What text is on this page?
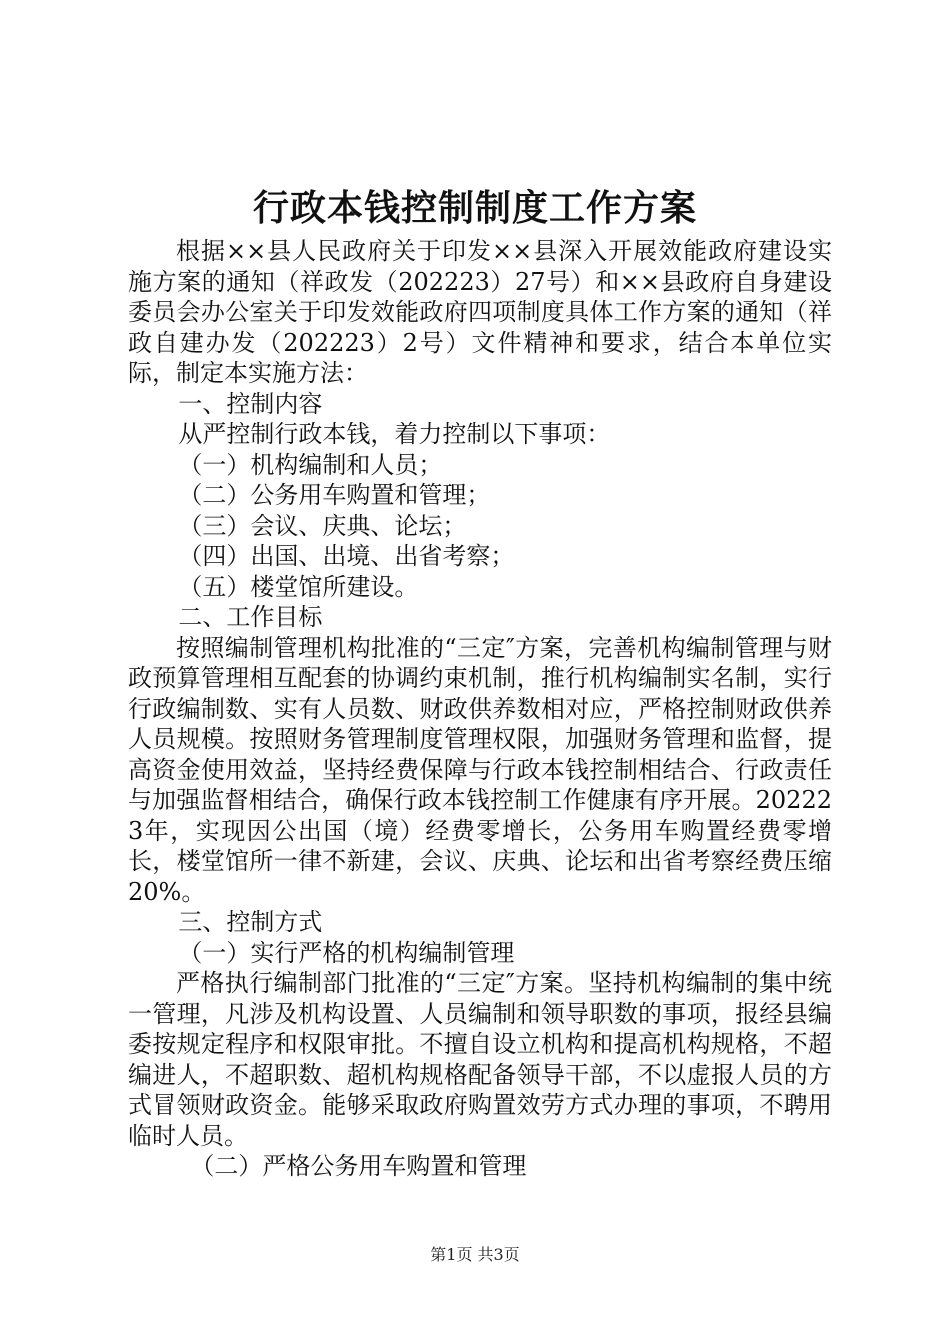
行政本钱控制制度工作方案

根据××县人民政府关于印发××县深入开展效能政府建设实施方案的通知（祥政发（202223）27号）和××县政府自身建设委员会办公室关于印发效能政府四项制度具体工作方案的通知（祥政自建办发（202223）2号）文件精神和要求，结合本单位实际，制定本实施方法：

一、控制内容

从严控制行政本钱，着力控制以下事项：

（一）机构编制和人员；

（二）公务用车购置和管理；

（三）会议、庆典、论坛；

（四）出国、出境、出省考察；

（五）楼堂馆所建设。

二、工作目标

按照编制管理机构批准的“三定″方案，完善机构编制管理与财政预算管理相互配套的协调约束机制，推行机构编制实名制，实行行政编制数、实有人员数、财政供养数相对应，严格控制财政供养人员规模。按照财务管理制度管理权限，加强财务管理和监督，提高资金使用效益，坚持经费保障与行政本钱控制相结合、行政责任与加强监督相结合，确保行政本钱控制工作健康有序开展。202223年，实现因公出国（境）经费零增长，公务用车购置经费零增长，楼堂馆所一律不新建，会议、庆典、论坛和出省考察经费压缩20%。

三、控制方式

（一）实行严格的机构编制管理

严格执行编制部门批准的“三定″方案。坚持机构编制的集中统一管理，凡涉及机构设置、人员编制和领导职数的事项，报经县编委按规定程序和权限审批。不擅自设立机构和提高机构规格，不超编进人，不超职数、超机构规格配备领导干部，不以虚报人员的方式冒领财政资金。能够采取政府购置效劳方式办理的事项，不聘用临时人员。

（二）严格公务用车购置和管理

第1页 共3页
